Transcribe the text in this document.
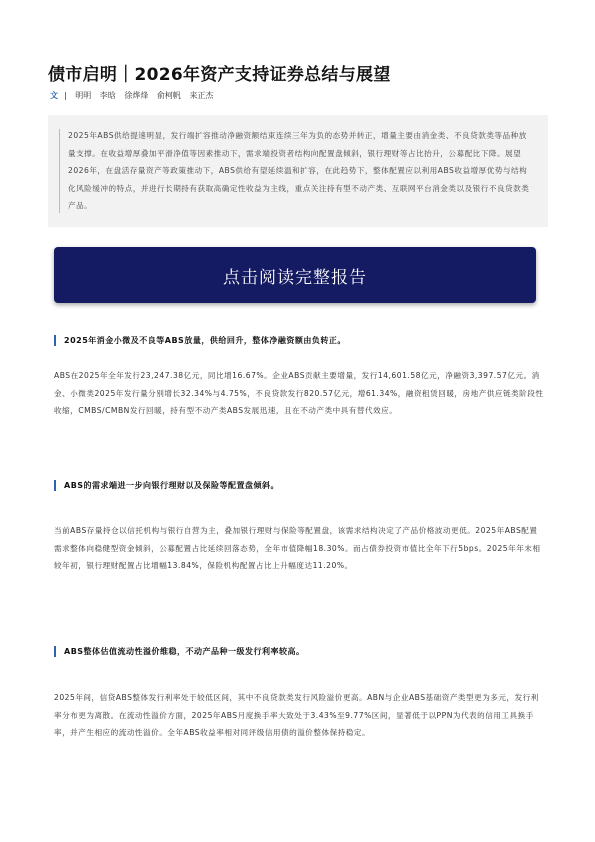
债市启明｜2026年资产支持证券总结与展望
文 | 明明 李晗 徐烨烽 俞柯帆 来正杰

2025年ABS供给提速明显，发行端扩容推动净融资额结束连续三年为负的态势并转正，增量主要由消金类、不良贷款类等品种放量支撑。在收益增厚叠加平滑净值等因素推动下，需求端投资者结构向配置盘倾斜，银行理财等占比抬升，公募配比下降。展望2026年，在盘活存量资产等政策推动下，ABS供给有望延续温和扩容，在此趋势下，整体配置应以利用ABS收益增厚优势与结构化风险缓冲的特点，并进行长期持有获取高确定性收益为主线，重点关注持有型不动产类、互联网平台消金类以及银行不良贷款类产品。

点击阅读完整报告
2025年消金小微及不良等ABS放量，供给回升，整体净融资额由负转正。
ABS在2025年全年发行23,247.38亿元，同比增16.67%。企业ABS贡献主要增量，发行14,601.58亿元，净融资3,397.57亿元。消金、小微类2025年发行量分别增长32.34%与4.75%，不良贷款发行820.57亿元，增61.34%，融资租赁回暖，房地产供应链类阶段性收缩，CMBS/CMBN发行回暖，持有型不动产类ABS发展迅速，且在不动产类中具有替代效应。
ABS的需求端进一步向银行理财以及保险等配置盘倾斜。
当前ABS存量持仓以信托机构与银行自营为主，叠加银行理财与保险等配置盘，该需求结构决定了产品价格波动更低。2025年ABS配置需求整体向稳健型资金倾斜，公募配置占比延续回落态势，全年市值降幅18.30%。而占债券投资市值比全年下行5bps。2025年年末相较年初，银行理财配置占比增幅13.84%，保险机构配置占比上升幅度达11.20%。
ABS整体估值流动性溢价维稳，不动产品种一级发行利率较高。
2025年间，信贷ABS整体发行利率处于较低区间，其中不良贷款类发行风险溢价更高。ABN与企业ABS基础资产类型更为多元，发行利率分布更为离散。在流动性溢价方面，2025年ABS月度换手率大致处于3.43%至9.77%区间，显著低于以PPN为代表的信用工具换手率，并产生相应的流动性溢价。全年ABS收益率相对同评级信用债的溢价整体保持稳定。
